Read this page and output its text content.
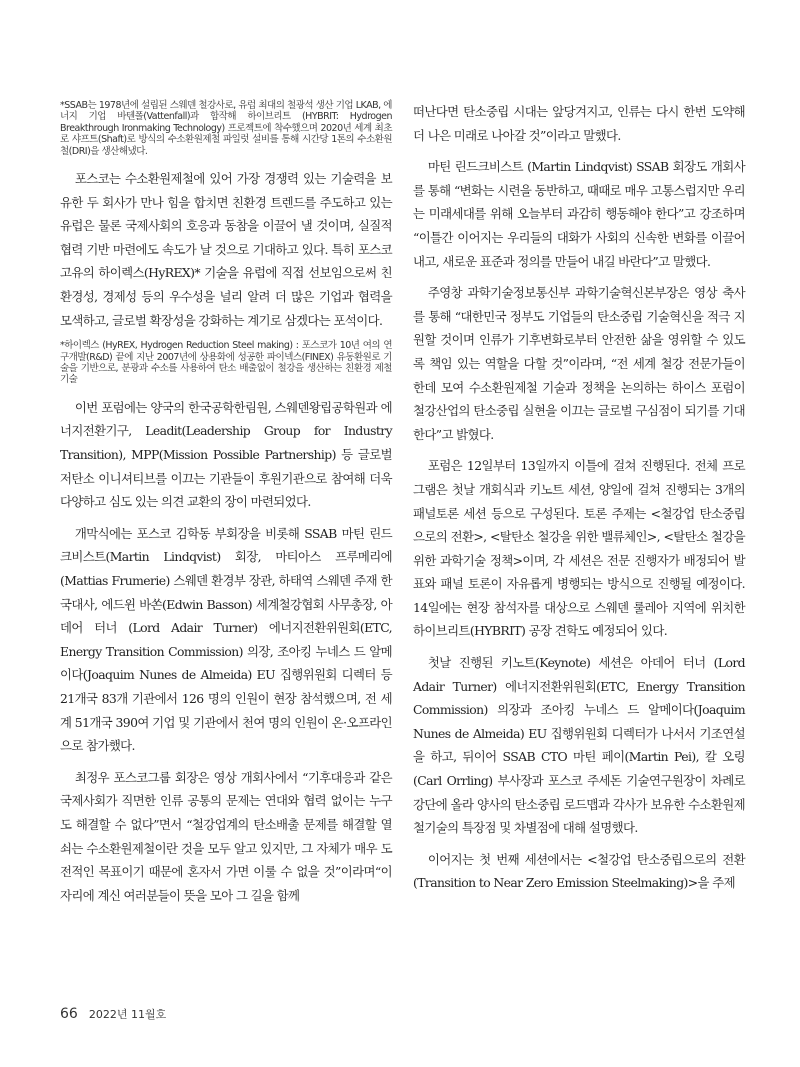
*SSAB는 1978년에 설립된 스웨덴 철강사로, 유럽 최대의 철광석 생산 기업 LKAB, 에너지 기업 바텐폴(Vattenfall)과 합작해 하이브리트 (HYBRIT: Hydrogen Breakthrough Ironmaking Technology) 프로젝트에 착수했으며 2020년 세계 최초로 샤프트(Shaft)로 방식의 수소환원제철 파일럿 설비를 통해 시간당 1톤의 수소환원철(DRI)을 생산해냈다.

포스코는 수소환원제철에 있어 가장 경쟁력 있는 기술력을 보유한 두 회사가 만나 힘을 합치면 친환경 트렌드를 주도하고 있는 유럽은 물론 국제사회의 호응과 동참을 이끌어 낼 것이며, 실질적 협력 기반 마련에도 속도가 날 것으로 기대하고 있다. 특히 포스코 고유의 하이렉스(HyREX)* 기술을 유럽에 직접 선보임으로써 친환경성, 경제성 등의 우수성을 널리 알려 더 많은 기업과 협력을 모색하고, 글로벌 확장성을 강화하는 계기로 삼겠다는 포석이다.

*하이렉스 (HyREX, Hydrogen Reduction Steel making) : 포스코가 10년 여의 연구개발(R&D) 끝에 지난 2007년에 상용화에 성공한 파이넥스(FINEX) 유동환원로 기술을 기반으로, 분광과 수소를 사용하여 탄소 배출없이 철강을 생산하는 친환경 제철 기술

이번 포럼에는 양국의 한국공학한림원, 스웨덴왕립공학원과 에너지전환기구, Leadit(Leadership Group for Industry Transition), MPP(Mission Possible Partnership) 등 글로벌 저탄소 이니셔티브를 이끄는 기관들이 후원기관으로 참여해 더욱 다양하고 심도 있는 의견 교환의 장이 마련되었다.

개막식에는 포스코 김학동 부회장을 비롯해 SSAB 마틴 린드크비스트(Martin Lindqvist) 회장, 마티아스 프루메리에(Mattias Frumerie) 스웨덴 환경부 장관, 하태역 스웨덴 주재 한국대사, 에드윈 바쏜(Edwin Basson) 세계철강협회 사무총장, 아데어 터너 (Lord Adair Turner) 에너지전환위원회(ETC, Energy Transition Commission) 의장, 조아킹 누네스 드 알메이다(Joaquim Nunes de Almeida) EU 집행위원회 디렉터 등 21개국 83개 기관에서 126 명의 인원이 현장 참석했으며, 전 세계 51개국 390여 기업 및 기관에서 천여 명의 인원이 온·오프라인으로 참가했다.

최정우 포스코그룹 회장은 영상 개회사에서 “기후대응과 같은 국제사회가 직면한 인류 공통의 문제는 연대와 협력 없이는 누구도 해결할 수 없다”면서 “철강업계의 탄소배출 문제를 해결할 열쇠는 수소환원제철이란 것을 모두 알고 있지만, 그 자체가 매우 도전적인 목표이기 때문에 혼자서 가면 이룰 수 없을 것”이라며“이 자리에 계신 여러분들이 뜻을 모아 그 길을 함께

떠난다면 탄소중립 시대는 앞당겨지고, 인류는 다시 한번 도약해 더 나은 미래로 나아갈 것”이라고 말했다.

마틴 린드크비스트 (Martin Lindqvist) SSAB 회장도 개회사를 통해 “변화는 시련을 동반하고, 때때로 매우 고통스럽지만 우리는 미래세대를 위해 오늘부터 과감히 행동해야 한다”고 강조하며 “이틀간 이어지는 우리들의 대화가 사회의 신속한 변화를 이끌어 내고, 새로운 표준과 정의를 만들어 내길 바란다”고 말했다.

주영창 과학기술정보통신부 과학기술혁신본부장은 영상 축사를 통해 “대한민국 정부도 기업들의 탄소중립 기술혁신을 적극 지원할 것이며 인류가 기후변화로부터 안전한 삶을 영위할 수 있도록 책임 있는 역할을 다할 것”이라며, “전 세계 철강 전문가들이 한데 모여 수소환원제철 기술과 정책을 논의하는 하이스 포럼이 철강산업의 탄소중립 실현을 이끄는 글로벌 구심점이 되기를 기대한다”고 밝혔다.

포럼은 12일부터 13일까지 이틀에 걸쳐 진행된다. 전체 프로그램은 첫날 개회식과 키노트 세션, 양일에 걸쳐 진행되는 3개의 패널토론 세션 등으로 구성된다. 토론 주제는 <철강업 탄소중립으로의 전환>, <탈탄소 철강을 위한 밸류체인>, <탈탄소 철강을 위한 과학기술 정책>이며, 각 세션은 전문 진행자가 배정되어 발표와 패널 토론이 자유롭게 병행되는 방식으로 진행될 예정이다. 14일에는 현장 참석자를 대상으로 스웨덴 룰레아 지역에 위치한 하이브리트(HYBRIT) 공장 견학도 예정되어 있다.

첫날 진행된 키노트(Keynote) 세션은 아데어 터너 (Lord Adair Turner) 에너지전환위원회(ETC, Energy Transition Commission) 의장과 조아킹 누네스 드 알메이다(Joaquim Nunes de Almeida) EU 집행위원회 디렉터가 나서서 기조연설을 하고, 뒤이어 SSAB CTO 마틴 페이(Martin Pei), 칼 오링(Carl Orrling) 부사장과 포스코 주세돈 기술연구원장이 차례로 강단에 올라 양사의 탄소중립 로드맵과 각사가 보유한 수소환원제철기술의 특장점 및 차별점에 대해 설명했다.

이어지는 첫 번째 세션에서는 <철강업 탄소중립으로의 전환(Transition to Near Zero Emission Steelmaking)>을 주제

66 2022년 11월호
